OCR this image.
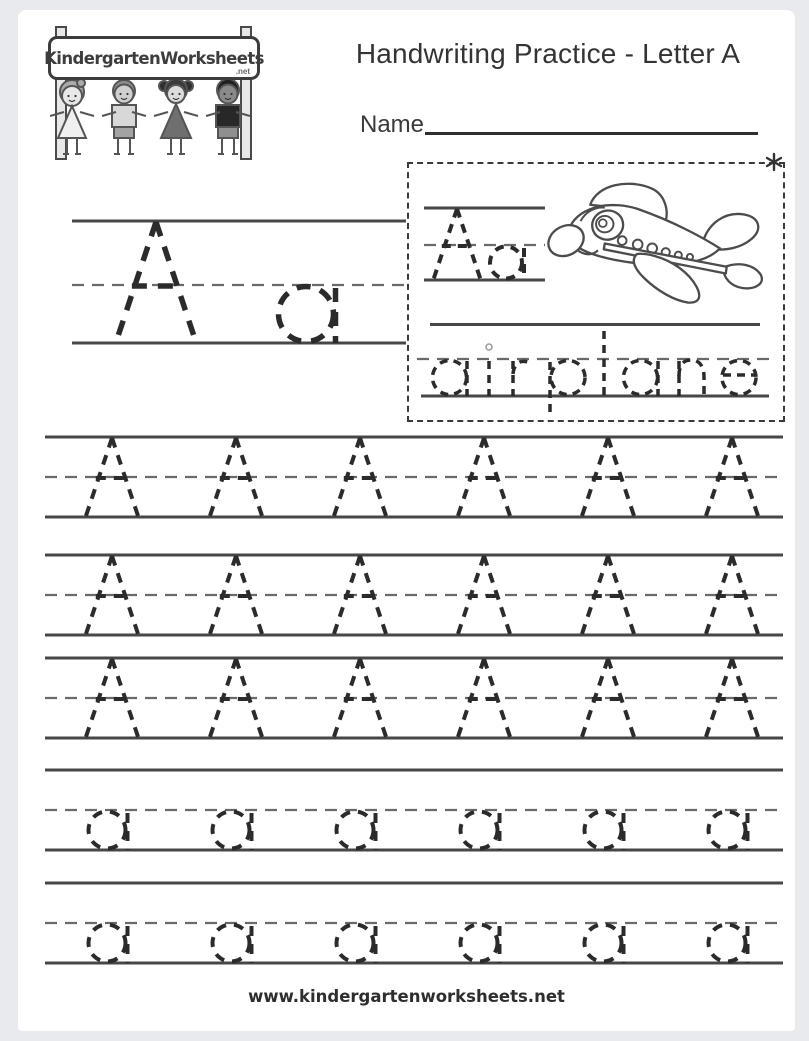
KindergartenWorksheets
.net
Handwriting Practice - Letter A
Name
www.kindergartenworksheets.net
